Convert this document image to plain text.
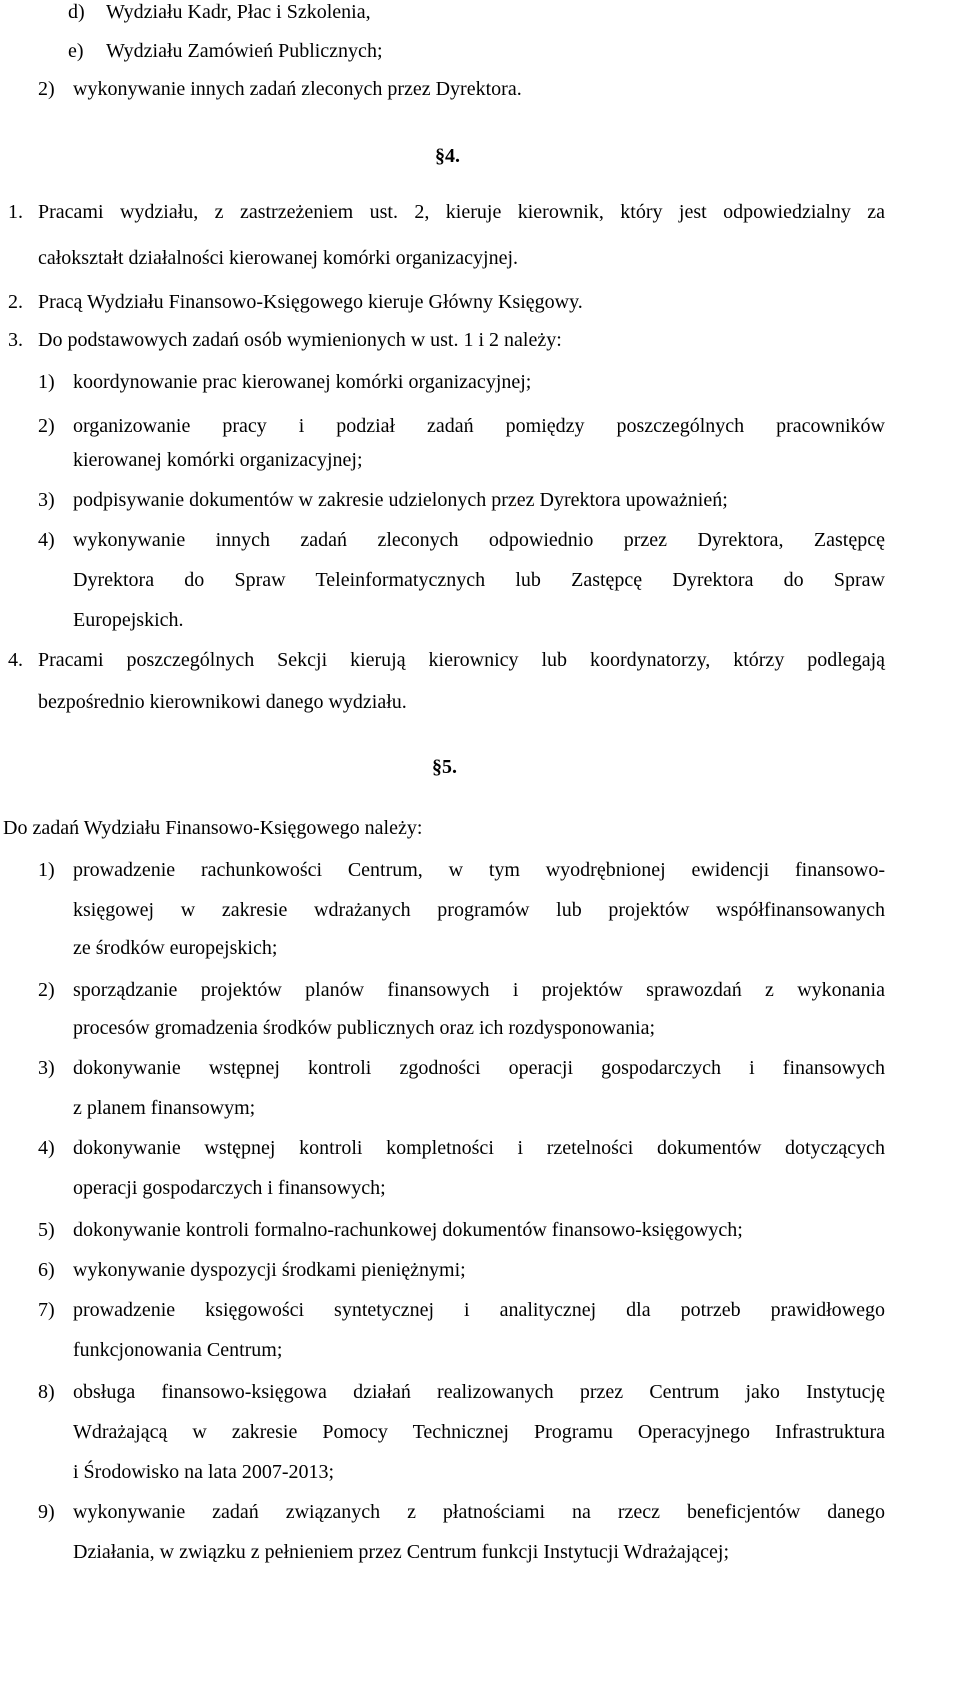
d) Wydziału Kadr, Płac i Szkolenia,
e) Wydziału Zamówień Publicznych;
2) wykonywanie innych zadań zleconych przez Dyrektora.
§4.
1. Pracami wydziału, z zastrzeżeniem ust. 2, kieruje kierownik, który jest odpowiedzialny za
całokształt działalności kierowanej komórki organizacyjnej.
2. Pracą Wydziału Finansowo-Księgowego kieruje Główny Księgowy.
3. Do podstawowych zadań osób wymienionych w ust. 1 i 2 należy:
1) koordynowanie prac kierowanej komórki organizacyjnej;
2) organizowanie pracy i podział zadań pomiędzy poszczególnych pracowników
kierowanej komórki organizacyjnej;
3) podpisywanie dokumentów w zakresie udzielonych przez Dyrektora upoważnień;
4) wykonywanie innych zadań zleconych odpowiednio przez Dyrektora, Zastępcę
Dyrektora do Spraw Teleinformatycznych lub Zastępcę Dyrektora do Spraw
Europejskich.
4. Pracami poszczególnych Sekcji kierują kierownicy lub koordynatorzy, którzy podlegają
bezpośrednio kierownikowi danego wydziału.
§5.
Do zadań Wydziału Finansowo-Księgowego należy:
1) prowadzenie rachunkowości Centrum, w tym wyodrębnionej ewidencji finansowo-
księgowej w zakresie wdrażanych programów lub projektów współfinansowanych
ze środków europejskich;
2) sporządzanie projektów planów finansowych i projektów sprawozdań z wykonania
procesów gromadzenia środków publicznych oraz ich rozdysponowania;
3) dokonywanie wstępnej kontroli zgodności operacji gospodarczych i finansowych
z planem finansowym;
4) dokonywanie wstępnej kontroli kompletności i rzetelności dokumentów dotyczących
operacji gospodarczych i finansowych;
5) dokonywanie kontroli formalno-rachunkowej dokumentów finansowo-księgowych;
6) wykonywanie dyspozycji środkami pieniężnymi;
7) prowadzenie księgowości syntetycznej i analitycznej dla potrzeb prawidłowego
funkcjonowania Centrum;
8) obsługa finansowo-księgowa działań realizowanych przez Centrum jako Instytucję
Wdrażającą w zakresie Pomocy Technicznej Programu Operacyjnego Infrastruktura
i Środowisko na lata 2007-2013;
9) wykonywanie zadań związanych z płatnościami na rzecz beneficjentów danego
Działania, w związku z pełnieniem przez Centrum funkcji Instytucji Wdrażającej;
